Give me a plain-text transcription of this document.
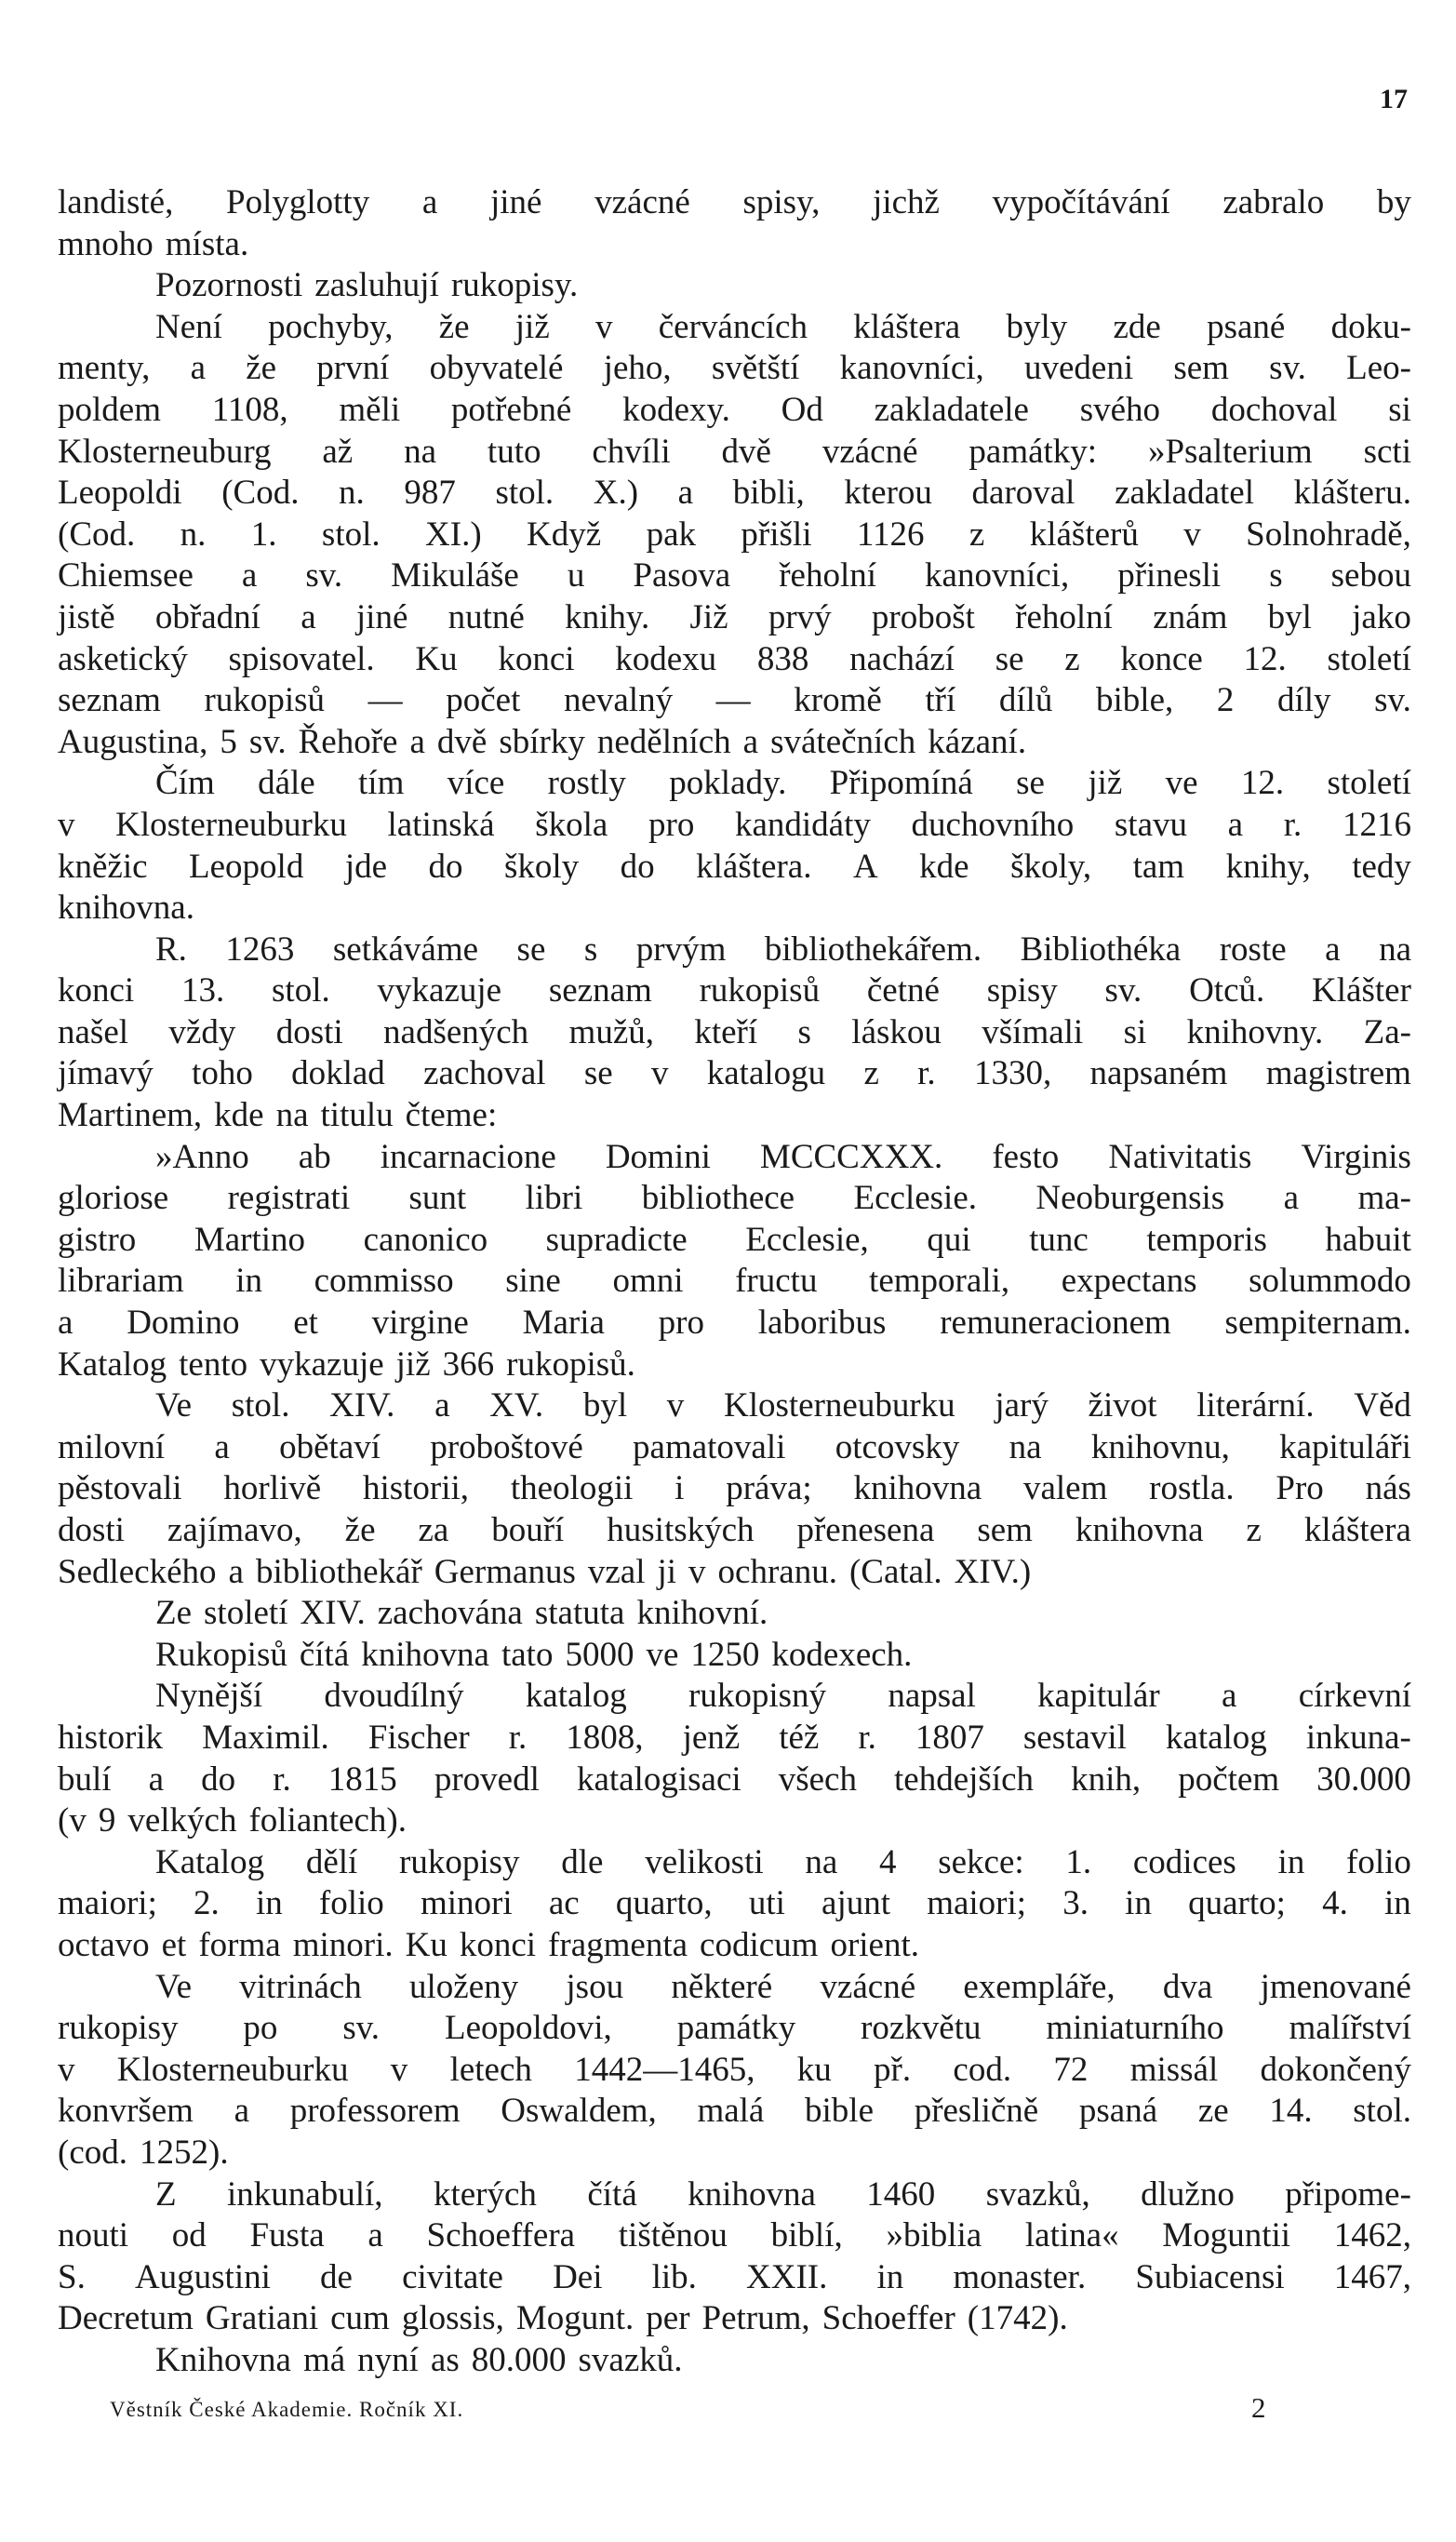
17
landisté, Polyglotty a jiné vzácné spisy, jichž vypočítávání zabralo by
mnoho místa.
Pozornosti zasluhují rukopisy.
Není pochyby, že již v červáncích kláštera byly zde psané doku-
menty, a že první obyvatelé jeho, světští kanovníci, uvedeni sem sv. Leo-
poldem 1108, měli potřebné kodexy. Od zakladatele svého dochoval si
Klosterneuburg až na tuto chvíli dvě vzácné památky: »Psalterium scti
Leopoldi (Cod. n. 987 stol. X.) a bibli, kterou daroval zakladatel klášteru.
(Cod. n. 1. stol. XI.) Když pak přišli 1126 z klášterů v Solnohradě,
Chiemsee a sv. Mikuláše u Pasova řeholní kanovníci, přinesli s sebou
jistě obřadní a jiné nutné knihy. Již prvý probošt řeholní znám byl jako
asketický spisovatel. Ku konci kodexu 838 nachází se z konce 12. století
seznam rukopisů — počet nevalný — kromě tří dílů bible, 2 díly sv.
Augustina, 5 sv. Řehoře a dvě sbírky nedělních a svátečních kázaní.
Čím dále tím více rostly poklady. Připomíná se již ve 12. století
v Klosterneuburku latinská škola pro kandidáty duchovního stavu a r. 1216
kněžic Leopold jde do školy do kláštera. A kde školy, tam knihy, tedy
knihovna.
R. 1263 setkáváme se s prvým bibliothekářem. Bibliothéka roste a na
konci 13. stol. vykazuje seznam rukopisů četné spisy sv. Otců. Klášter
našel vždy dosti nadšených mužů, kteří s láskou všímali si knihovny. Za-
jímavý toho doklad zachoval se v katalogu z r. 1330, napsaném magistrem
Martinem, kde na titulu čteme:
»Anno ab incarnacione Domini MCCCXXX. festo Nativitatis Virginis
gloriose registrati sunt libri bibliothece Ecclesie. Neoburgensis a ma-
gistro Martino canonico supradicte Ecclesie, qui tunc temporis habuit
librariam in commisso sine omni fructu temporali, expectans solummodo
a Domino et virgine Maria pro laboribus remuneracionem sempiternam.
Katalog tento vykazuje již 366 rukopisů.
Ve stol. XIV. a XV. byl v Klosterneuburku jarý život literární. Věd
milovní a obětaví proboštové pamatovali otcovsky na knihovnu, kapituláři
pěstovali horlivě historii, theologii i práva; knihovna valem rostla. Pro nás
dosti zajímavo, že za bouří husitských přenesena sem knihovna z kláštera
Sedleckého a bibliothekář Germanus vzal ji v ochranu. (Catal. XIV.)
Ze století XIV. zachována statuta knihovní.
Rukopisů čítá knihovna tato 5000 ve 1250 kodexech.
Nynější dvoudílný katalog rukopisný napsal kapitulár a církevní
historik Maximil. Fischer r. 1808, jenž též r. 1807 sestavil katalog inkuna-
bulí a do r. 1815 provedl katalogisaci všech tehdejších knih, počtem 30.000
(v 9 velkých foliantech).
Katalog dělí rukopisy dle velikosti na 4 sekce: 1. codices in folio
maiori; 2. in folio minori ac quarto, uti ajunt maiori; 3. in quarto; 4. in
octavo et forma minori. Ku konci fragmenta codicum orient.
Ve vitrinách uloženy jsou některé vzácné exempláře, dva jmenované
rukopisy po sv. Leopoldovi, památky rozkvětu miniaturního malířství
v Klosterneuburku v letech 1442—1465, ku př. cod. 72 missál dokončený
konvršem a professorem Oswaldem, malá bible přesličně psaná ze 14. stol.
(cod. 1252).
Z inkunabulí, kterých čítá knihovna 1460 svazků, dlužno připome-
nouti od Fusta a Schoeffera tištěnou biblí, »biblia latina« Moguntii 1462,
S. Augustini de civitate Dei lib. XXII. in monaster. Subiacensi 1467,
Decretum Gratiani cum glossis, Mogunt. per Petrum, Schoeffer (1742).
Knihovna má nyní as 80.000 svazků.
Věstník České Akademie. Ročník XI.	2
